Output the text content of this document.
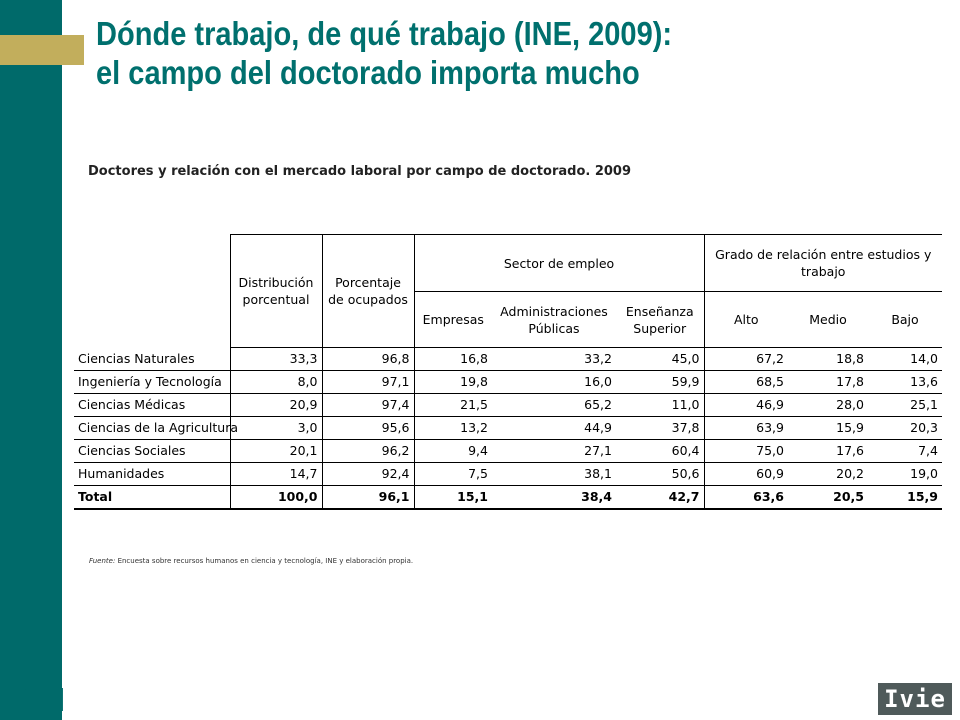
Dónde trabajo, de qué trabajo (INE, 2009):
el campo del doctorado importa mucho

Doctores y relación con el mercado laboral por campo de doctorado. 2009

	Distribución porcentual	Porcentaje de ocupados	Sector de empleo			Grado de relación entre estudios y trabajo		
			Empresas	Administraciones Públicas	Enseñanza Superior	Alto	Medio	Bajo
Ciencias Naturales	33,3	96,8	16,8	33,2	45,0	67,2	18,8	14,0
Ingeniería y Tecnología	8,0	97,1	19,8	16,0	59,9	68,5	17,8	13,6
Ciencias Médicas	20,9	97,4	21,5	65,2	11,0	46,9	28,0	25,1
Ciencias de la Agricultura	3,0	95,6	13,2	44,9	37,8	63,9	15,9	20,3
Ciencias Sociales	20,1	96,2	9,4	27,1	60,4	75,0	17,6	7,4
Humanidades	14,7	92,4	7,5	38,1	50,6	60,9	20,2	19,0
Total	100,0	96,1	15,1	38,4	42,7	63,6	20,5	15,9

Fuente: Encuesta sobre recursos humanos en ciencia y tecnología, INE y elaboración propia.

[ 14 ]	Ivie
